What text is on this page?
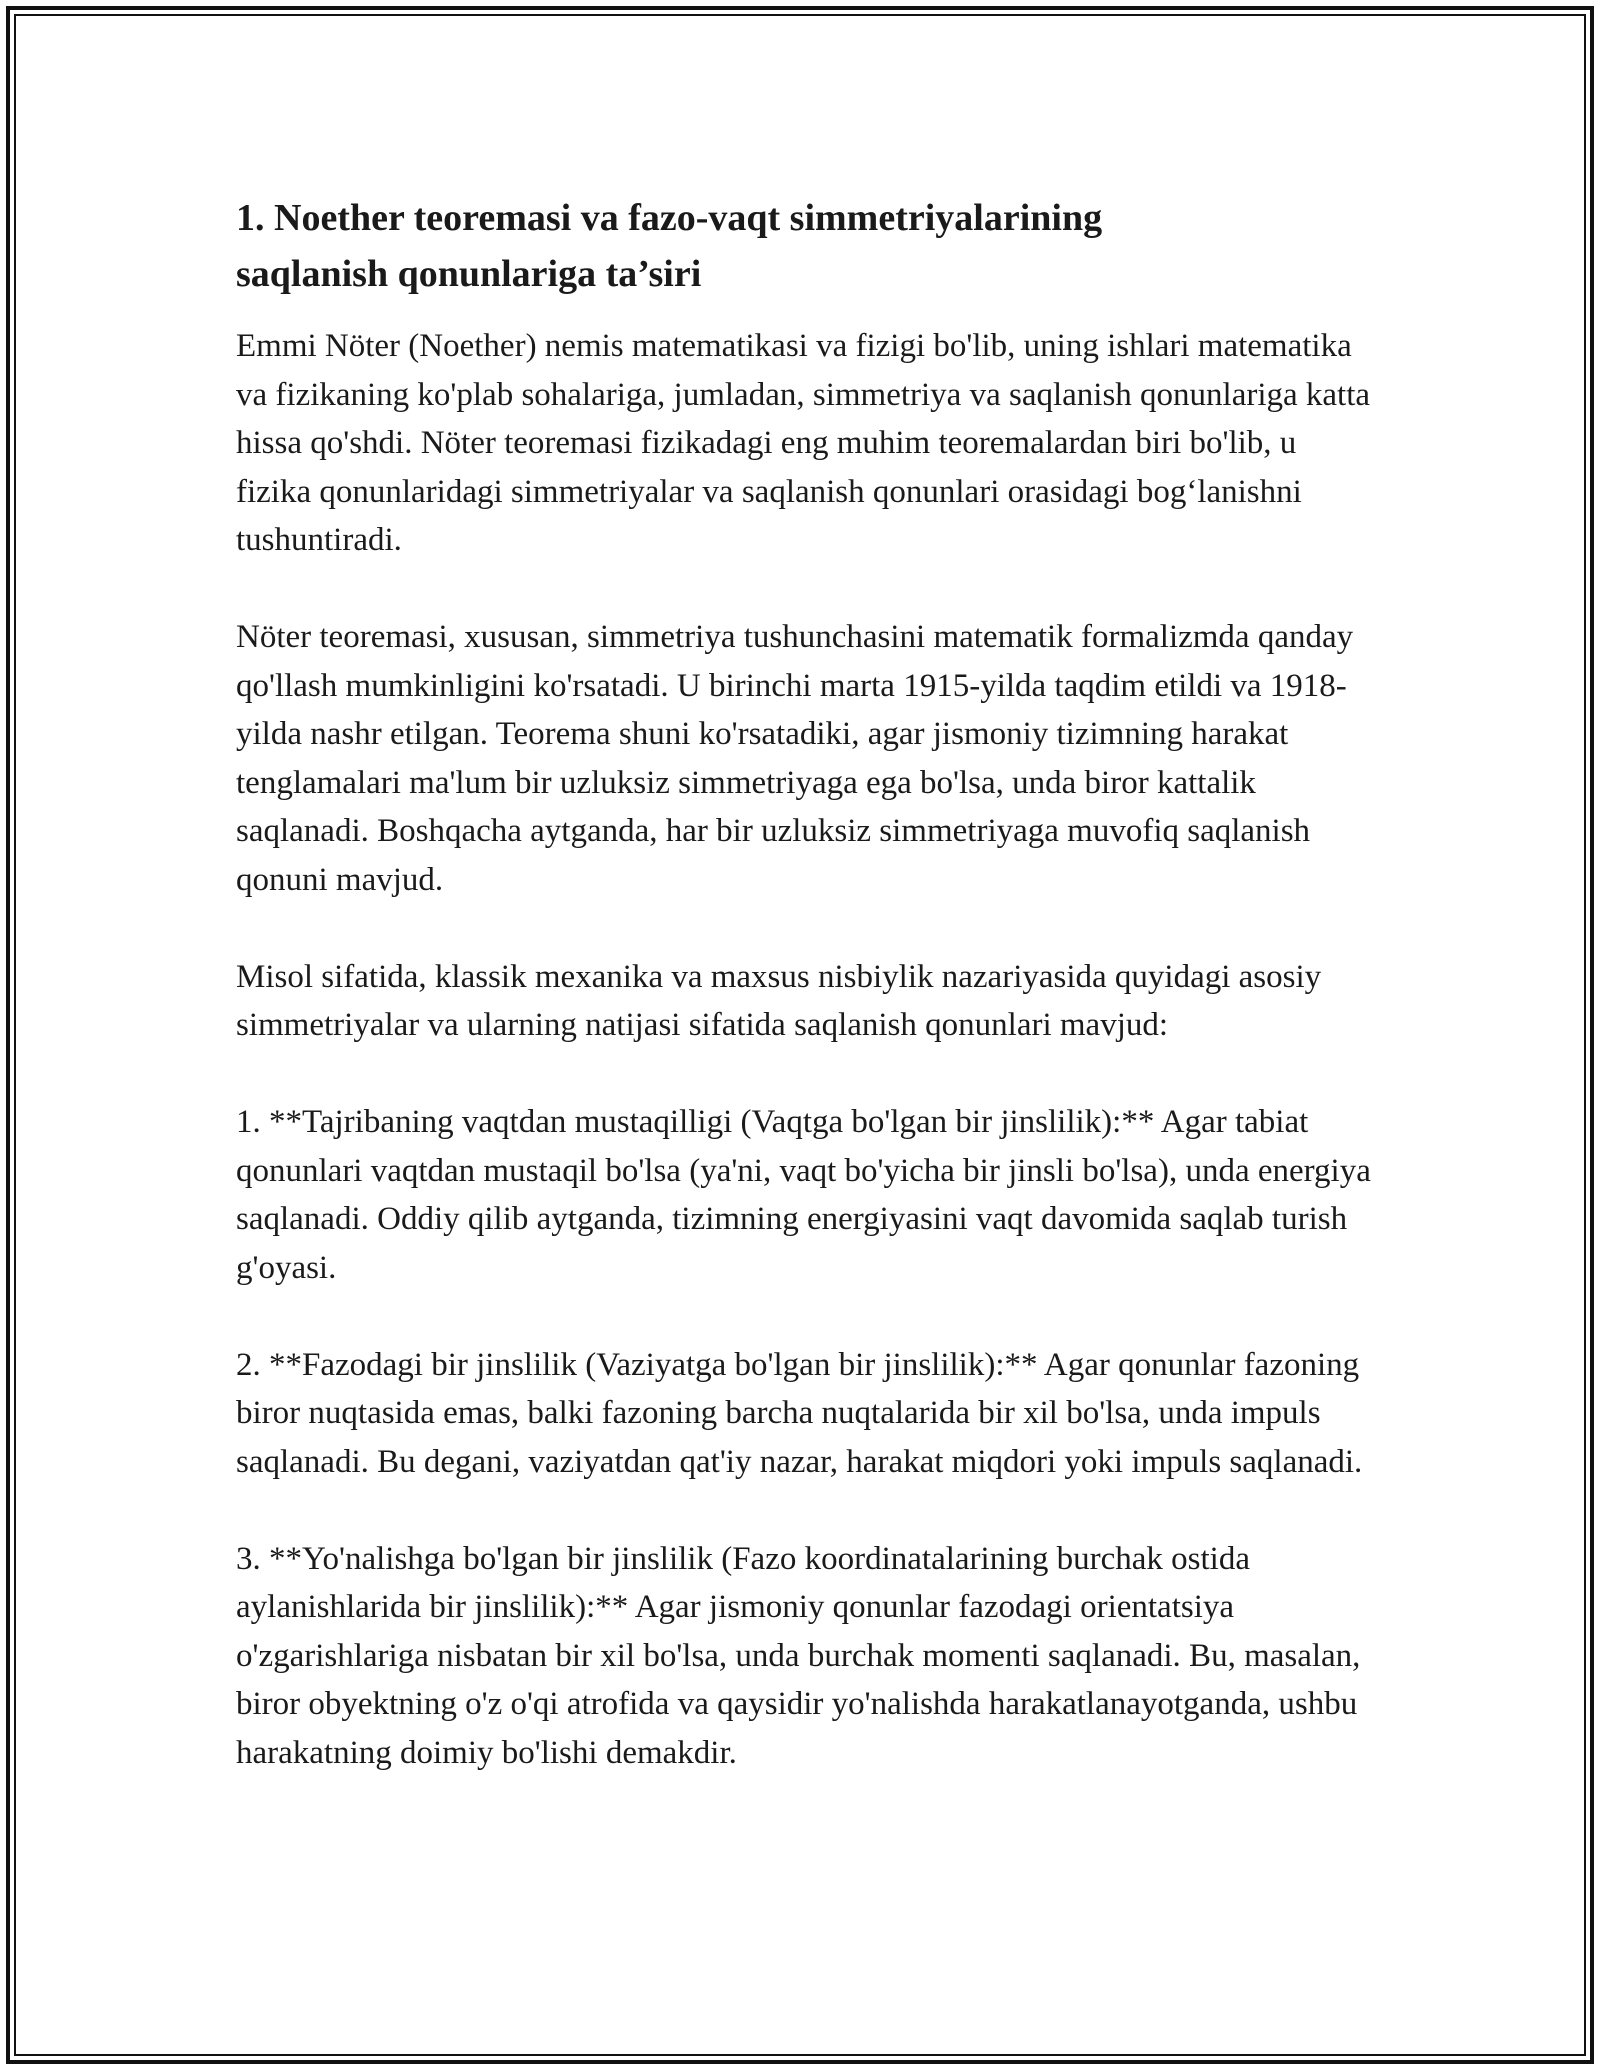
1. Noether teoremasi va fazo-vaqt simmetriyalarining saqlanish qonunlariga ta’siri

Emmi Nöter (Noether) nemis matematikasi va fizigi bo'lib, uning ishlari matematika va fizikaning ko'plab sohalariga, jumladan, simmetriya va saqlanish qonunlariga katta hissa qo'shdi. Nöter teoremasi fizikadagi eng muhim teoremalardan biri bo'lib, u fizika qonunlaridagi simmetriyalar va saqlanish qonunlari orasidagi bog‘lanishni tushuntiradi.

Nöter teoremasi, xususan, simmetriya tushunchasini matematik formalizmda qanday qo'llash mumkinligini ko'rsatadi. U birinchi marta 1915-yilda taqdim etildi va 1918-yilda nashr etilgan. Teorema shuni ko'rsatadiki, agar jismoniy tizimning harakat tenglamalari ma'lum bir uzluksiz simmetriyaga ega bo'lsa, unda biror kattalik saqlanadi. Boshqacha aytganda, har bir uzluksiz simmetriyaga muvofiq saqlanish qonuni mavjud.

Misol sifatida, klassik mexanika va maxsus nisbiylik nazariyasida quyidagi asosiy simmetriyalar va ularning natijasi sifatida saqlanish qonunlari mavjud:

1. **Tajribaning vaqtdan mustaqilligi (Vaqtga bo'lgan bir jinslilik):** Agar tabiat qonunlari vaqtdan mustaqil bo'lsa (ya'ni, vaqt bo'yicha bir jinsli bo'lsa), unda energiya saqlanadi. Oddiy qilib aytganda, tizimning energiyasini vaqt davomida saqlab turish g'oyasi.

2. **Fazodagi bir jinslilik (Vaziyatga bo'lgan bir jinslilik):** Agar qonunlar fazoning biror nuqtasida emas, balki fazoning barcha nuqtalarida bir xil bo'lsa, unda impuls saqlanadi. Bu degani, vaziyatdan qat'iy nazar, harakat miqdori yoki impuls saqlanadi.

3. **Yo'nalishga bo'lgan bir jinslilik (Fazo koordinatalarining burchak ostida aylanishlarida bir jinslilik):** Agar jismoniy qonunlar fazodagi orientatsiya o'zgarishlariga nisbatan bir xil bo'lsa, unda burchak momenti saqlanadi. Bu, masalan, biror obyektning o'z o'qi atrofida va qaysidir yo'nalishda harakatlanayotganda, ushbu harakatning doimiy bo'lishi demakdir.
